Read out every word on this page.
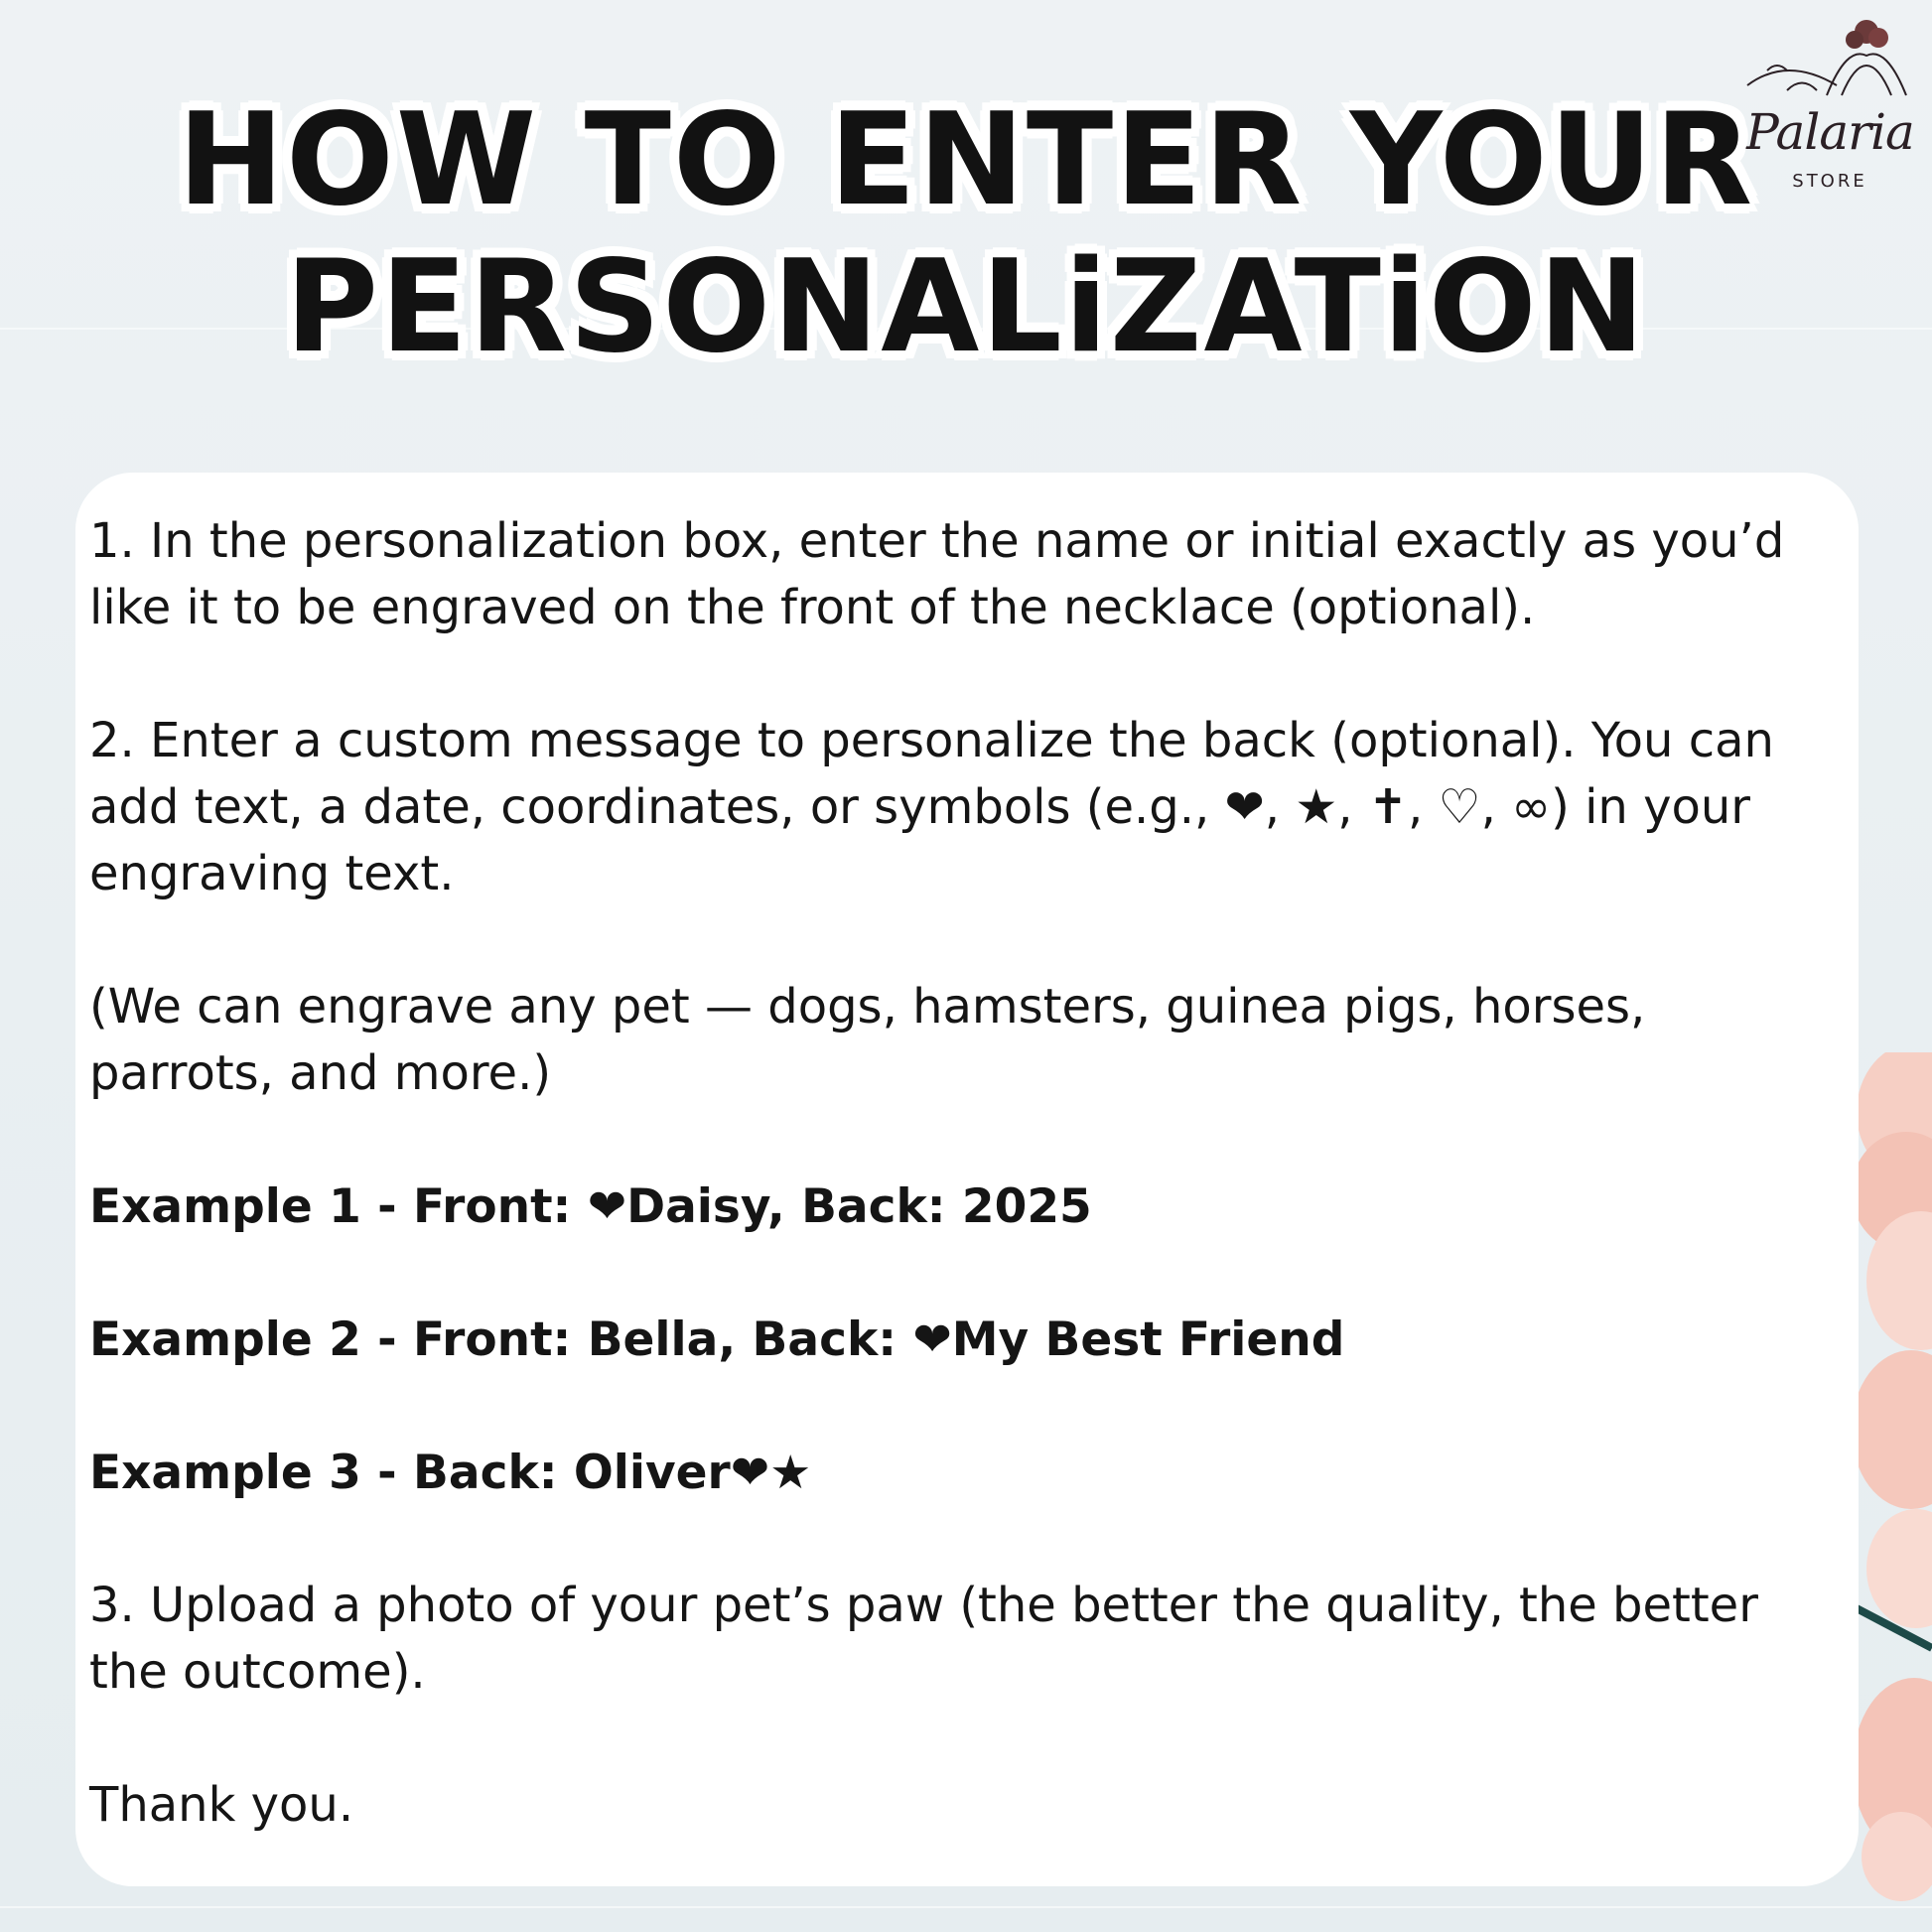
Palaria
STORE
HOW TO ENTER YOUR
PERSONALiZATiON
1. In the personalization box, enter the name or initial exactly as you’d like it to be engraved on the front of the necklace (optional).
2. Enter a custom message to personalize the back (optional). You can add text, a date, coordinates, or symbols (e.g., ❤, ★, ✝, ♡, ∞) in your engraving text.
(We can engrave any pet — dogs, hamsters, guinea pigs, horses, parrots, and more.)
Example 1 - Front: ❤Daisy, Back: 2025
Example 2 - Front: Bella, Back: ❤My Best Friend
Example 3 - Back: Oliver❤★
3. Upload a photo of your pet’s paw (the better the quality, the better the outcome).
Thank you.
